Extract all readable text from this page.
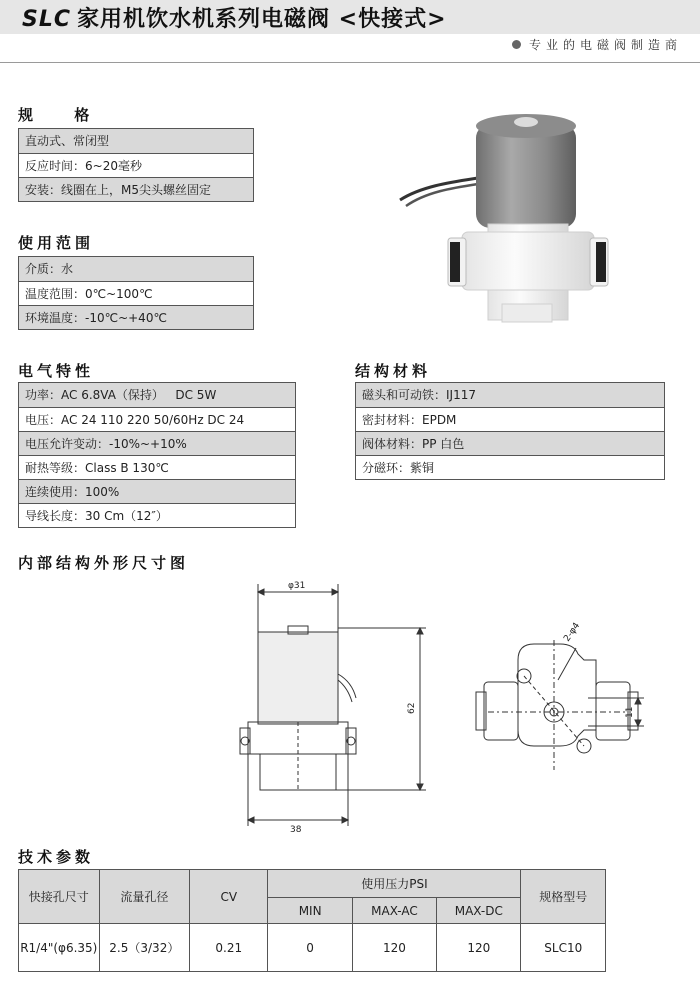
SLC 家用机饮水机系列电磁阀 <快接式>
专业的电磁阀制造商
规 格
直动式、常闭型
反应时间：6~20毫秒
安装：线圈在上，M5尖头螺丝固定
使用范围
介质：水
温度范围：0℃~100℃
环境温度：-10℃~+40℃
电气特性
功率：AC 6.8VA（保持）   DC 5W
电压：AC 24 110 220 50/60Hz DC 24
电压允许变动：-10%~+10%
耐热等级：Class B 130℃
连续使用：100%
导线长度：30 Cm（12″）
结构材料
磁头和可动铁：IJ117
密封材料：EPDM
阀体材料：PP 白色
分磁环：紫铜
内部结构外形尺寸图
φ31
62
38
2-φ4
11
技术参数
快接孔尺寸	流量孔径	CV	使用压力PSI			规格型号
			MIN	MAX-AC	MAX-DC	
R1/4"(φ6.35)	2.5（3/32）	0.21	0	120	120	SLC10
